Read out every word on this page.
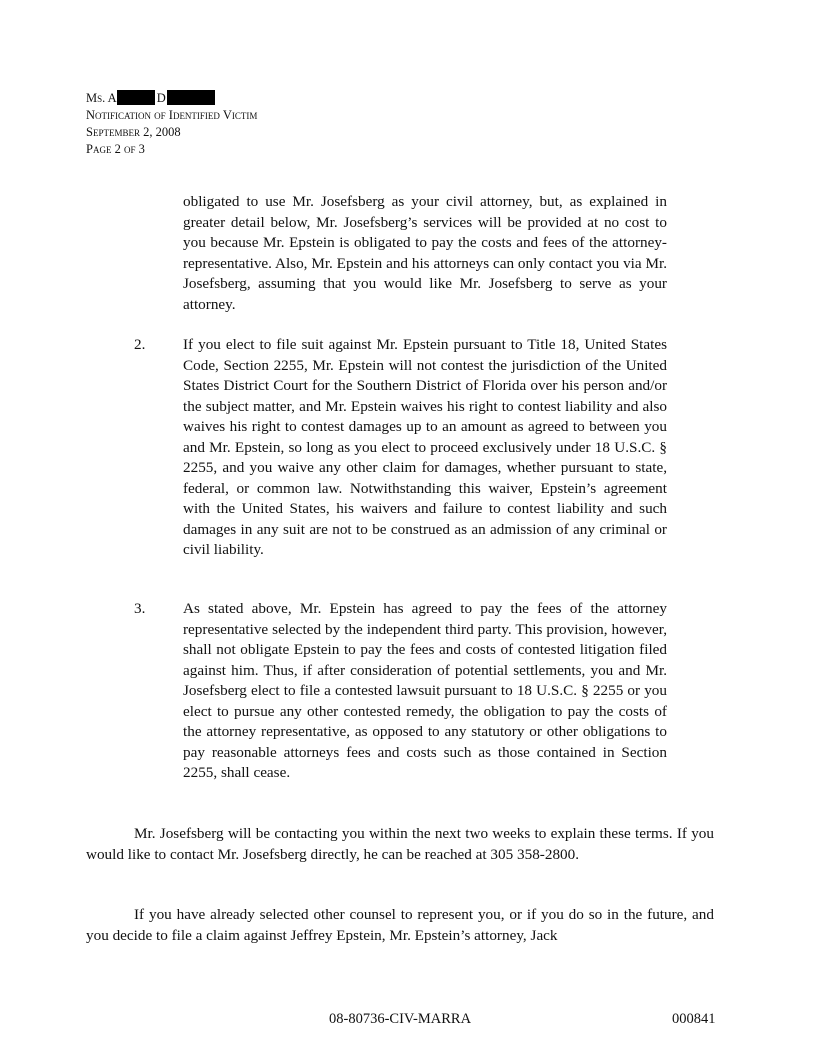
Ms. A	D
Notification of Identified Victim
September 2, 2008
Page 2 of 3
obligated to use Mr. Josefsberg as your civil attorney, but, as explained in greater detail below, Mr. Josefsberg’s services will be provided at no cost to you because Mr. Epstein is obligated to pay the costs and fees of the attorney-representative. Also, Mr. Epstein and his attorneys can only contact you via Mr. Josefsberg, assuming that you would like Mr. Josefsberg to serve as your attorney.
2. If you elect to file suit against Mr. Epstein pursuant to Title 18, United States Code, Section 2255, Mr. Epstein will not contest the jurisdiction of the United States District Court for the Southern District of Florida over his person and/or the subject matter, and Mr. Epstein waives his right to contest liability and also waives his right to contest damages up to an amount as agreed to between you and Mr. Epstein, so long as you elect to proceed exclusively under 18 U.S.C. § 2255, and you waive any other claim for damages, whether pursuant to state, federal, or common law. Notwithstanding this waiver, Epstein’s agreement with the United States, his waivers and failure to contest liability and such damages in any suit are not to be construed as an admission of any criminal or civil liability.
3. As stated above, Mr. Epstein has agreed to pay the fees of the attorney representative selected by the independent third party. This provision, however, shall not obligate Epstein to pay the fees and costs of contested litigation filed against him. Thus, if after consideration of potential settlements, you and Mr. Josefsberg elect to file a contested lawsuit pursuant to 18 U.S.C. § 2255 or you elect to pursue any other contested remedy, the obligation to pay the costs of the attorney representative, as opposed to any statutory or other obligations to pay reasonable attorneys fees and costs such as those contained in Section 2255, shall cease.
Mr. Josefsberg will be contacting you within the next two weeks to explain these terms. If you would like to contact Mr. Josefsberg directly, he can be reached at 305 358-2800.
If you have already selected other counsel to represent you, or if you do so in the future, and you decide to file a claim against Jeffrey Epstein, Mr. Epstein’s attorney, Jack
08-80736-CIV-MARRA	000841
